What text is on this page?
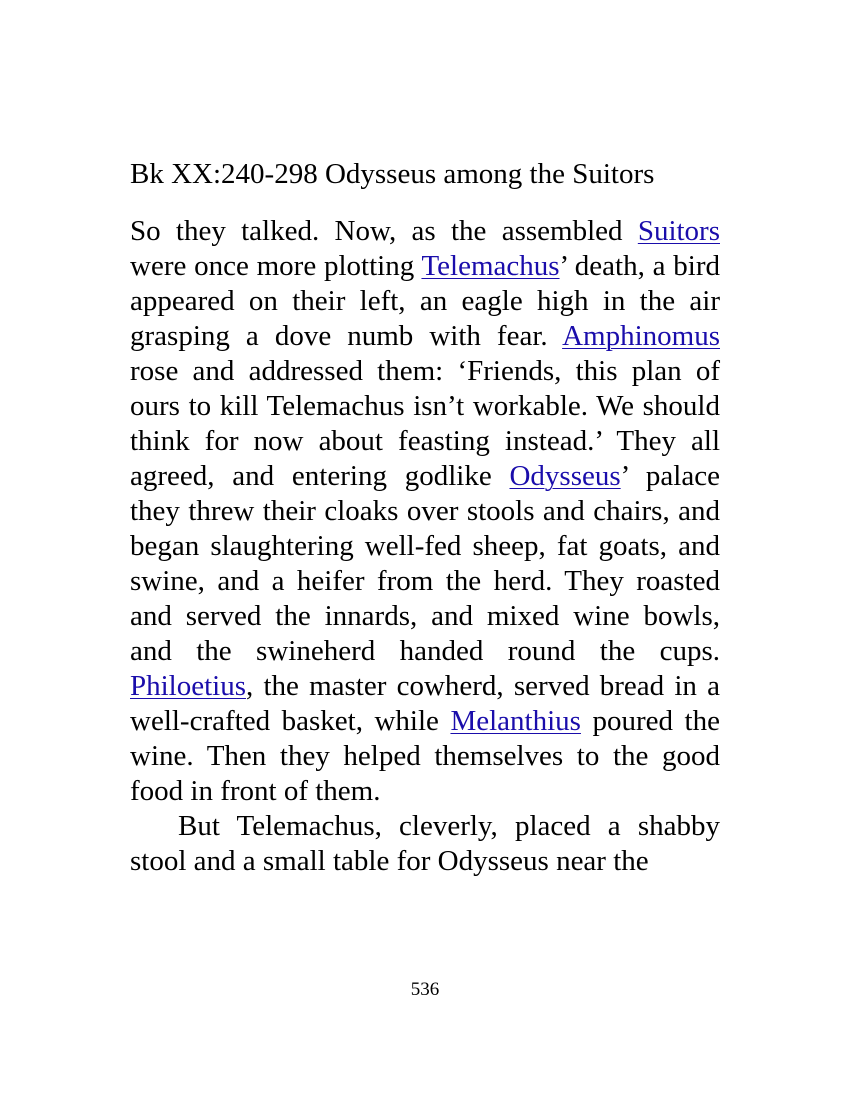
Bk XX:240-298 Odysseus among the Suitors

So they talked. Now, as the assembled Suitors were once more plotting Telemachus’ death, a bird appeared on their left, an eagle high in the air grasping a dove numb with fear. Amphinomus rose and addressed them: ‘Friends, this plan of ours to kill Telemachus isn’t workable. We should think for now about feasting instead.’ They all agreed, and entering godlike Odysseus’ palace they threw their cloaks over stools and chairs, and began slaughtering well-fed sheep, fat goats, and swine, and a heifer from the herd. They roasted and served the innards, and mixed wine bowls, and the swineherd handed round the cups. Philoetius, the master cowherd, served bread in a well-crafted basket, while Melanthius poured the wine. Then they helped themselves to the good food in front of them.

But Telemachus, cleverly, placed a shabby stool and a small table for Odysseus near the

536
